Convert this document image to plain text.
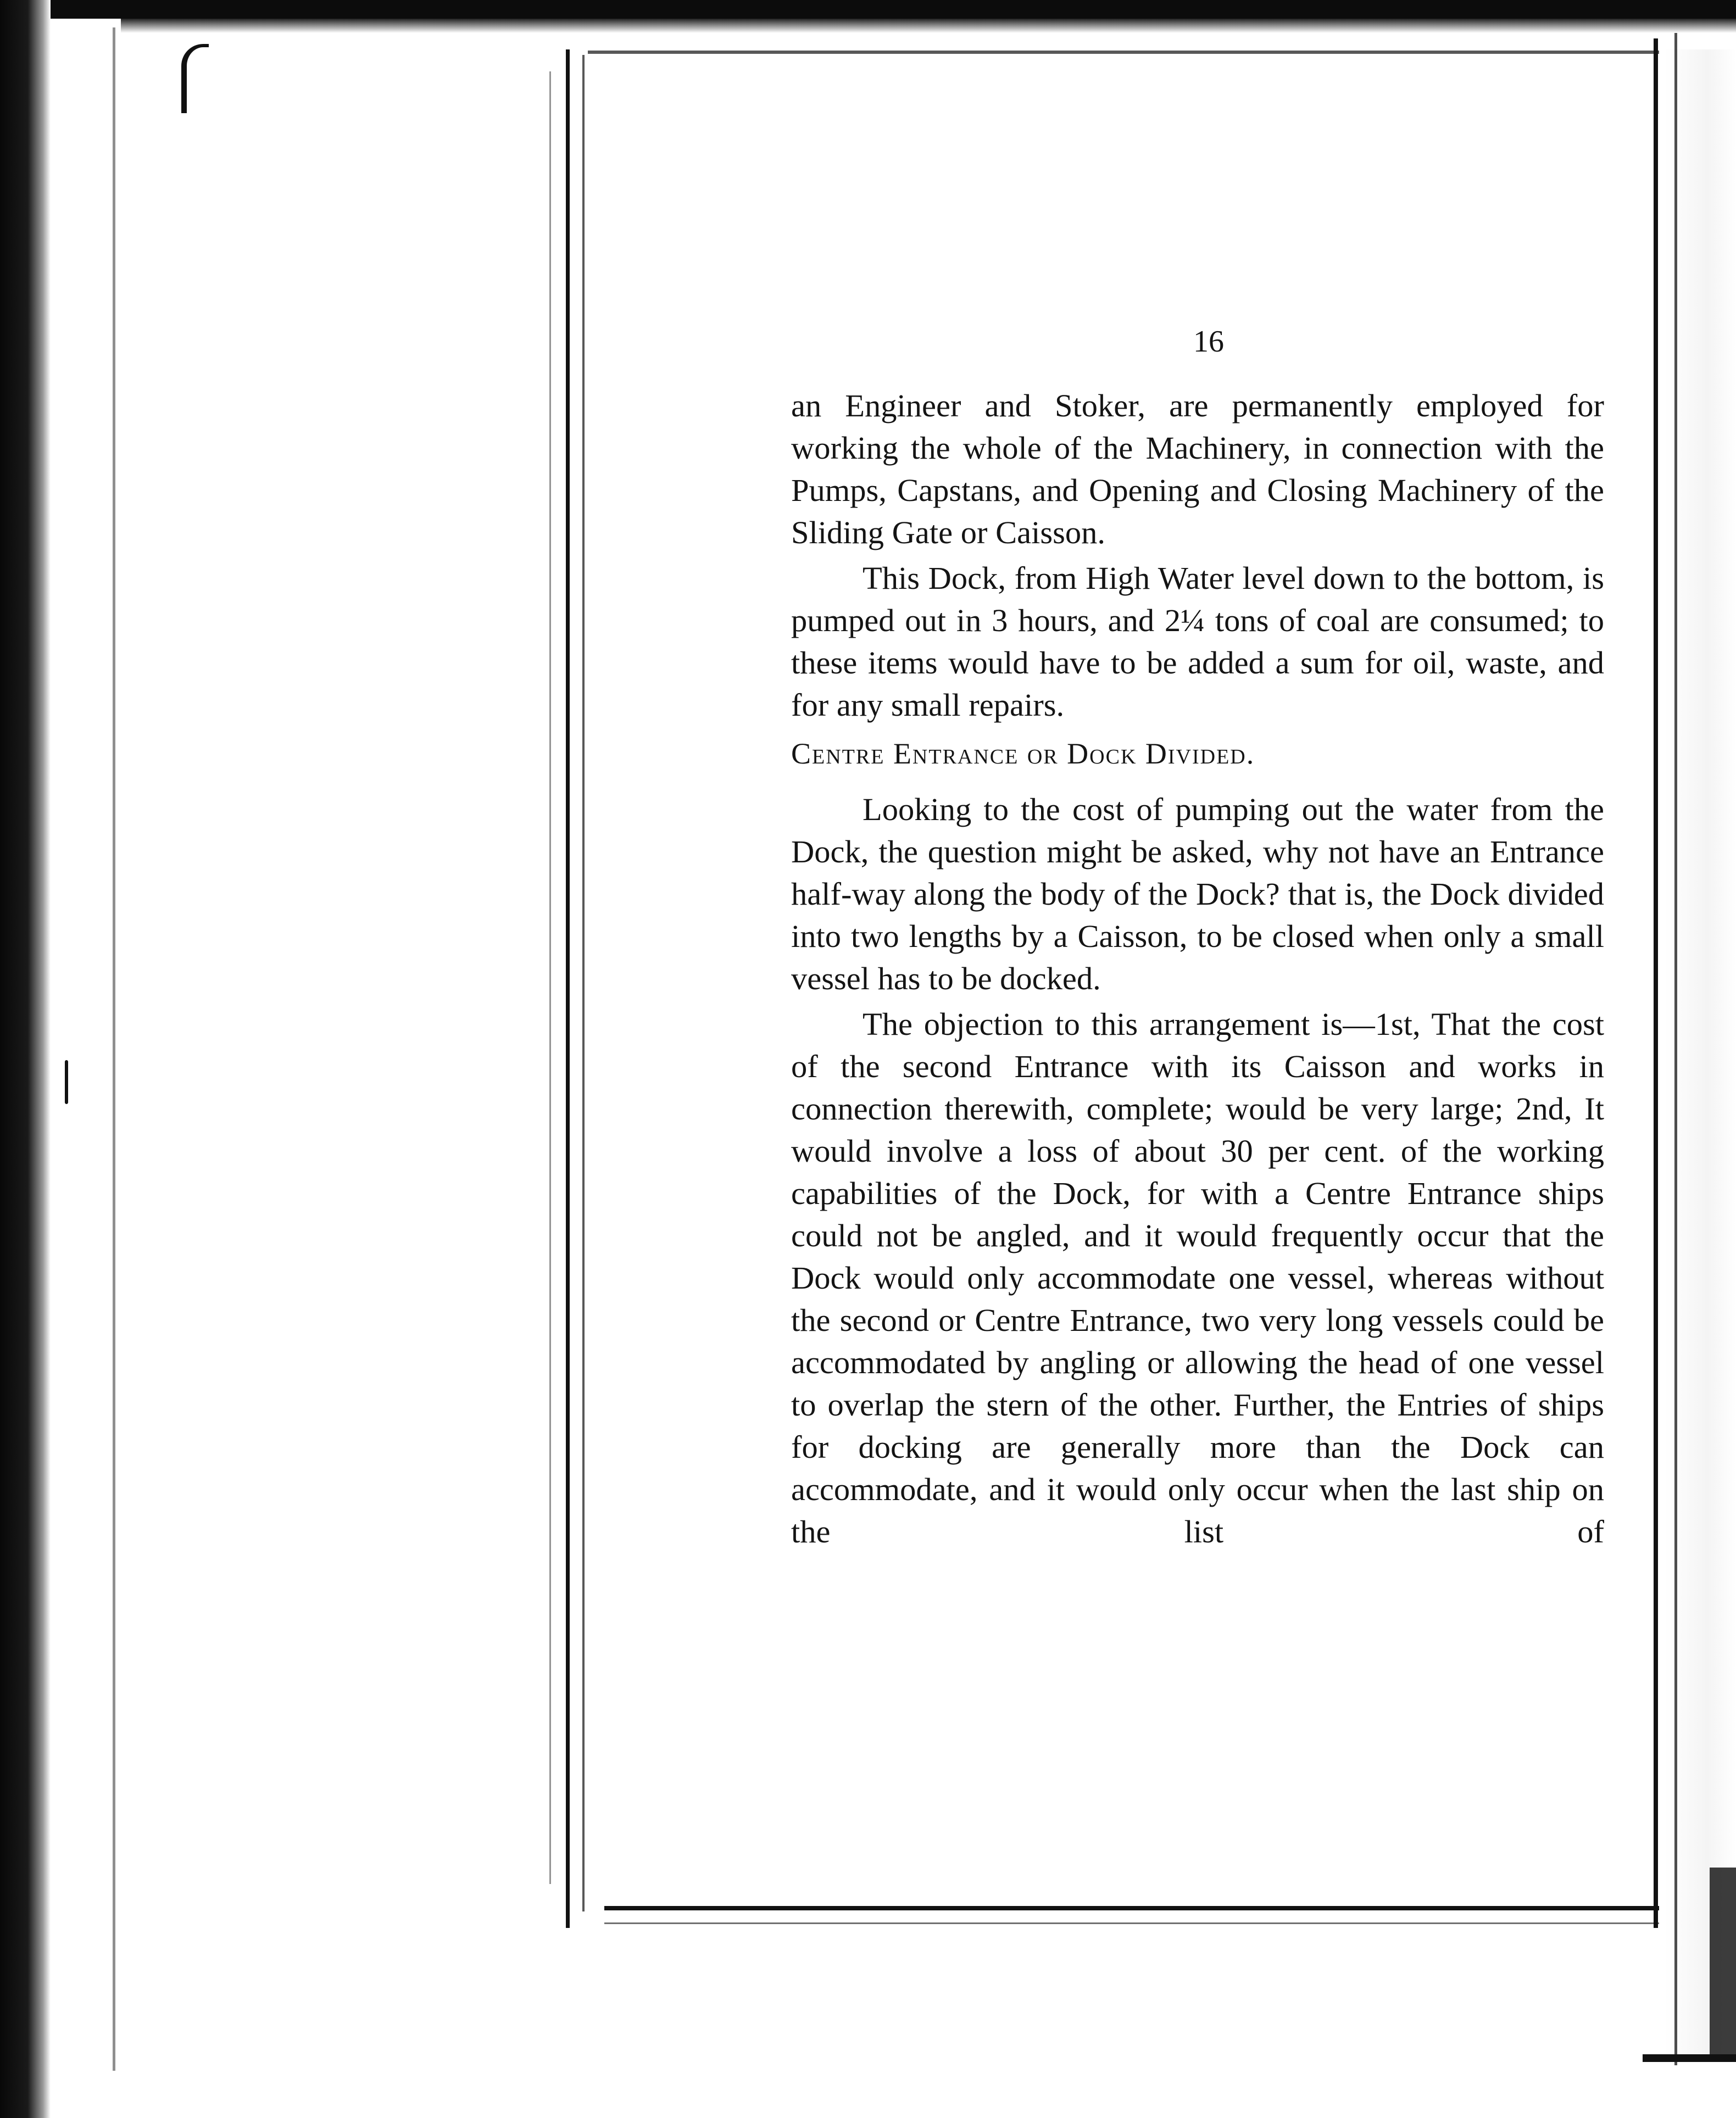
16

an Engineer and Stoker, are permanently employed for working the whole of the Machinery, in connection with the Pumps, Capstans, and Opening and Closing Machinery of the Sliding Gate or Caisson.

This Dock, from High Water level down to the bottom, is pumped out in 3 hours, and 2¼ tons of coal are consumed; to these items would have to be added a sum for oil, waste, and for any small repairs.

Centre Entrance or Dock Divided.

Looking to the cost of pumping out the water from the Dock, the question might be asked, why not have an Entrance half-way along the body of the Dock? that is, the Dock divided into two lengths by a Caisson, to be closed when only a small vessel has to be docked.

The objection to this arrangement is—1st, That the cost of the second Entrance with its Caisson and works in connection therewith, complete; would be very large; 2nd, It would involve a loss of about 30 per cent. of the working capabilities of the Dock, for with a Centre Entrance ships could not be angled, and it would frequently occur that the Dock would only accommodate one vessel, whereas without the second or Centre Entrance, two very long vessels could be accommodated by angling or allowing the head of one vessel to overlap the stern of the other. Further, the Entries of ships for docking are generally more than the Dock can accommodate, and it would only occur when the last ship on the list of
